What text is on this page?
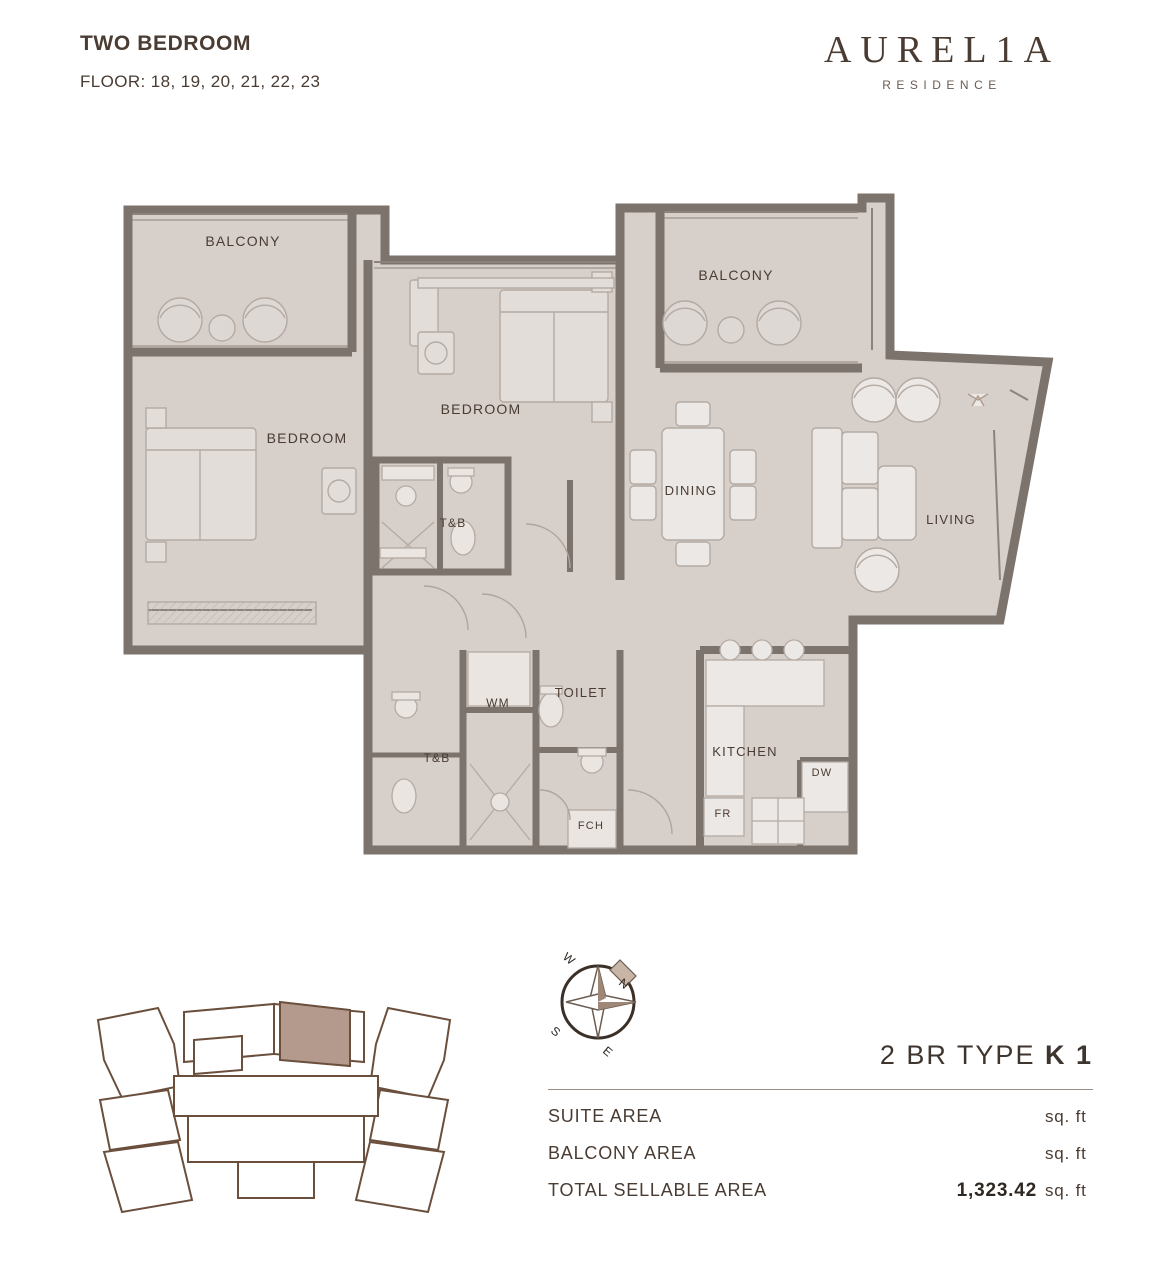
TWO BEDROOM
FLOOR: 18, 19, 20, 21, 22, 23
AUREL1A
RESIDENCE
BALCONY
BALCONY
BEDROOM
BEDROOM
DINING
LIVING
T&B
T&B
WM
TOILET
KITCHEN
DW
FR
FCH
N
W
S
E	2 BR TYPE K 1
SUITE AREA	sq. ft
BALCONY AREA	sq. ft
TOTAL SELLABLE AREA	1,323.42 sq. ft
